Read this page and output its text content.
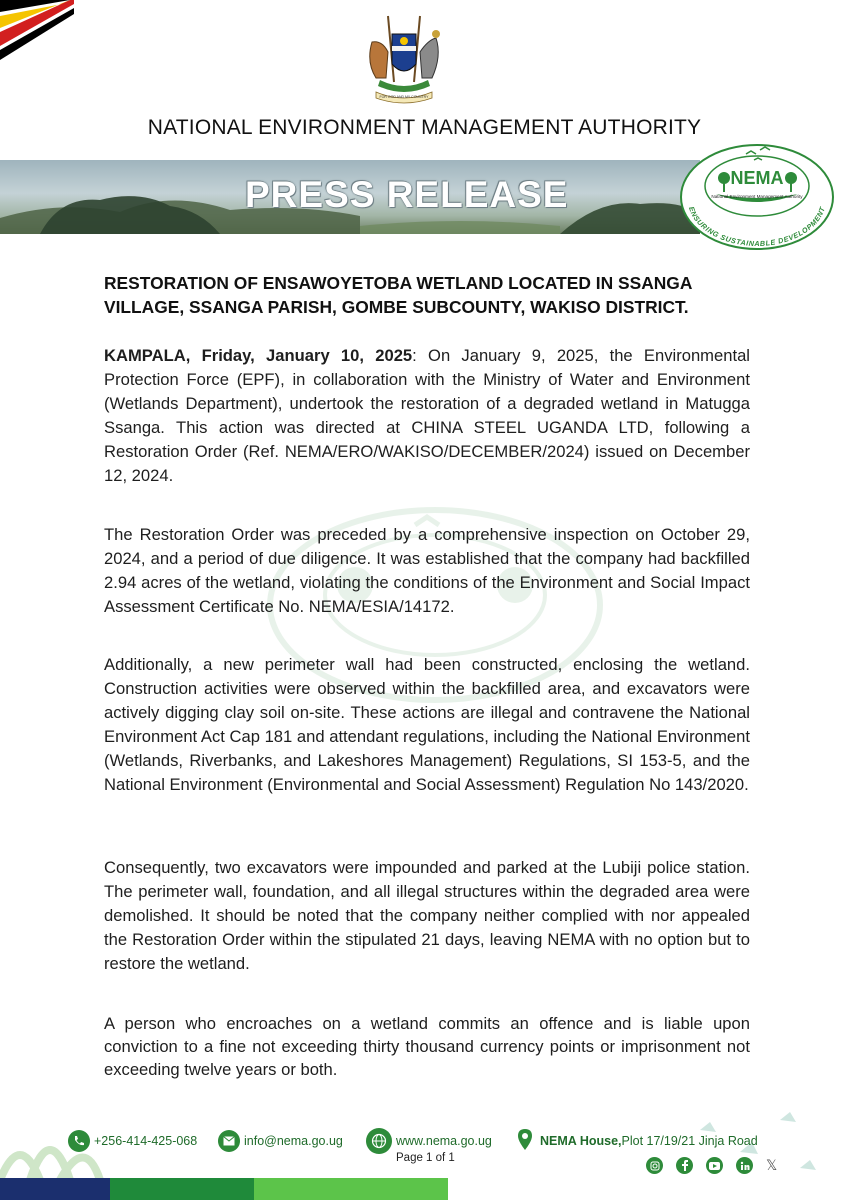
FOR GOD AND MY COUNTRY
NATIONAL ENVIRONMENT MANAGEMENT AUTHORITY
PRESS RELEASE	NEMA
National Environment Management Authority
ENSURING SUSTAINABLE DEVELOPMENT
RESTORATION OF ENSAWOYETOBA WETLAND LOCATED IN SSANGA VILLAGE, SSANGA PARISH, GOMBE SUBCOUNTY, WAKISO DISTRICT.
KAMPALA, Friday, January 10, 2025: On January 9, 2025, the Environmental Protection Force (EPF), in collaboration with the Ministry of Water and Environment (Wetlands Department), undertook the restoration of a degraded wetland in Matugga Ssanga. This action was directed at CHINA STEEL UGANDA LTD, following a Restoration Order (Ref. NEMA/ERO/WAKISO/DECEMBER/2024) issued on December 12, 2024.
The Restoration Order was preceded by a comprehensive inspection on October 29, 2024, and a period of due diligence. It was established that the company had backfilled 2.94 acres of the wetland, violating the conditions of the Environment and Social Impact Assessment Certificate No. NEMA/ESIA/14172.
Additionally, a new perimeter wall had been constructed, enclosing the wetland. Construction activities were observed within the backfilled area, and excavators were actively digging clay soil on-site. These actions are illegal and contravene the National Environment Act Cap 181 and attendant regulations, including the National Environment (Wetlands, Riverbanks, and Lakeshores Management) Regulations, SI 153-5, and the National Environment (Environmental and Social Assessment) Regulation No 143/2020.
Consequently, two excavators were impounded and parked at the Lubiji police station. The perimeter wall, foundation, and all illegal structures within the degraded area were demolished. It should be noted that the company neither complied with nor appealed the Restoration Order within the stipulated 21 days, leaving NEMA with no option but to restore the wetland.
A person who encroaches on a wetland commits an offence and is liable upon conviction to a fine not exceeding thirty thousand currency points or imprisonment not exceeding twelve years or both.
+256-414-425-068	info@nema.go.ug	www.nema.go.ug	NEMA House, Plot 17/19/21 Jinja Road
Page 1 of 1	𝕏
